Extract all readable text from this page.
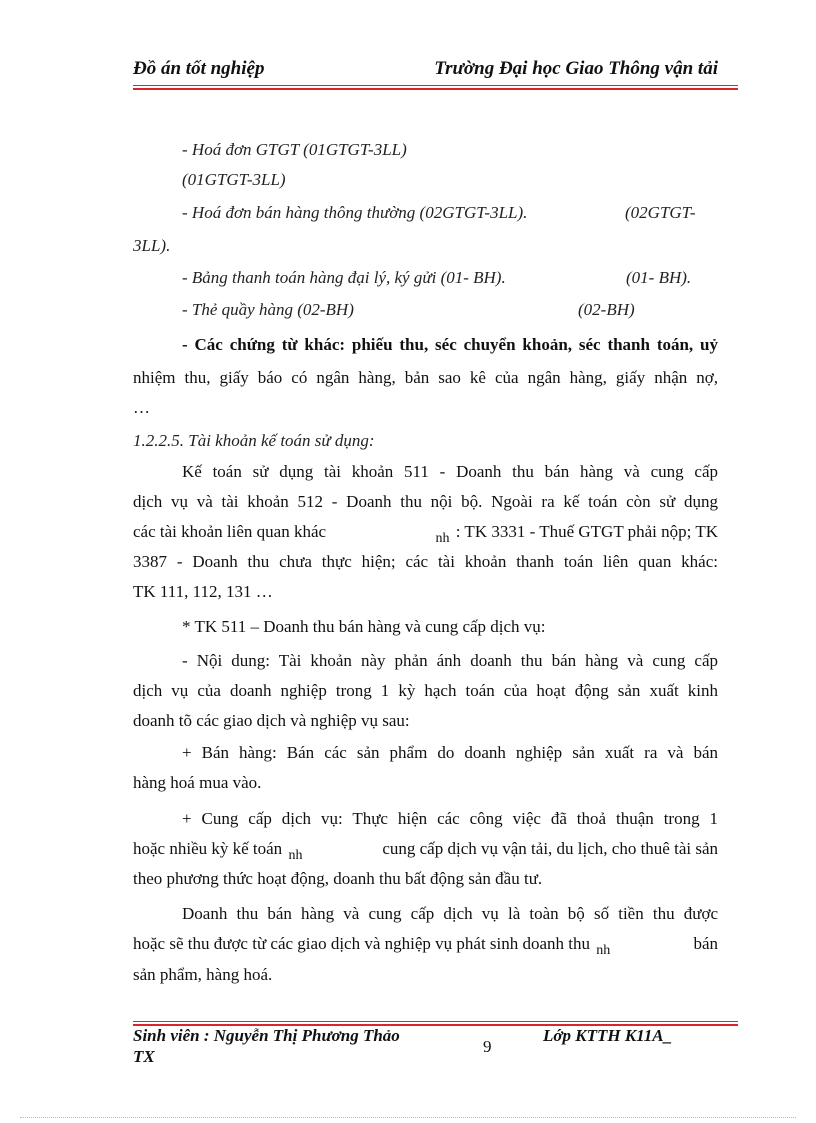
Đồ án tốt nghiệp	Trường Đại học Giao Thông vận tải
- Hoá đơn GTGT (01GTGT-3LL)
(01GTGT-3LL)
- Hoá đơn bán hàng thông thường (02GTGT-3LL).	(02GTGT-
3LL).
- Bảng thanh toán hàng đại lý, ký gửi (01- BH).	(01- BH).
- Thẻ quầy hàng (02-BH)	(02-BH)
- Các chứng từ khác: phiếu thu, séc chuyển khoản, séc thanh toán, uỷ
nhiệm thu, giấy báo có ngân hàng, bản sao kê của ngân hàng, giấy nhận nợ,
…
1.2.2.5. Tài khoản kế toán sử dụng:
Kế toán sử dụng tài khoản 511 - Doanh thu bán hàng và cung cấp
dịch vụ và tài khoản 512 - Doanh thu nội bộ. Ngoài ra kế toán còn sử dụng
các tài khoản liên quan khác	$_{nh}$ : TK 3331 - Thuế GTGT phải nộp; TK
3387 - Doanh thu chưa thực hiện; các tài khoản thanh toán liên quan khác:
TK 111, 112, 131 …
* TK 511 – Doanh thu bán hàng và cung cấp dịch vụ:
- Nội dung: Tài khoản này phản ánh doanh thu bán hàng và cung cấp
dịch vụ của doanh nghiệp trong 1 kỳ hạch toán của hoạt động sản xuất kinh
doanh tõ các giao dịch và nghiệp vụ sau:
+ Bán hàng: Bán các sản phẩm do doanh nghiệp sản xuất ra và bán
hàng hoá mua vào.
+ Cung cấp dịch vụ: Thực hiện các công việc đã thoả thuận trong 1
hoặc nhiều kỳ kế toán $_{nh}$	cung cấp dịch vụ vận tải, du lịch, cho thuê tài sản
theo phương thức hoạt động, doanh thu bất động sản đầu tư.
Doanh thu bán hàng và cung cấp dịch vụ là toàn bộ số tiền thu được
hoặc sẽ thu được từ các giao dịch và nghiệp vụ phát sinh doanh thu $_{nh}$	bán
sản phẩm, hàng hoá.
Sinh viên : Nguyễn Thị Phương Thảo
TX
9
Lớp KTTH K11A_
